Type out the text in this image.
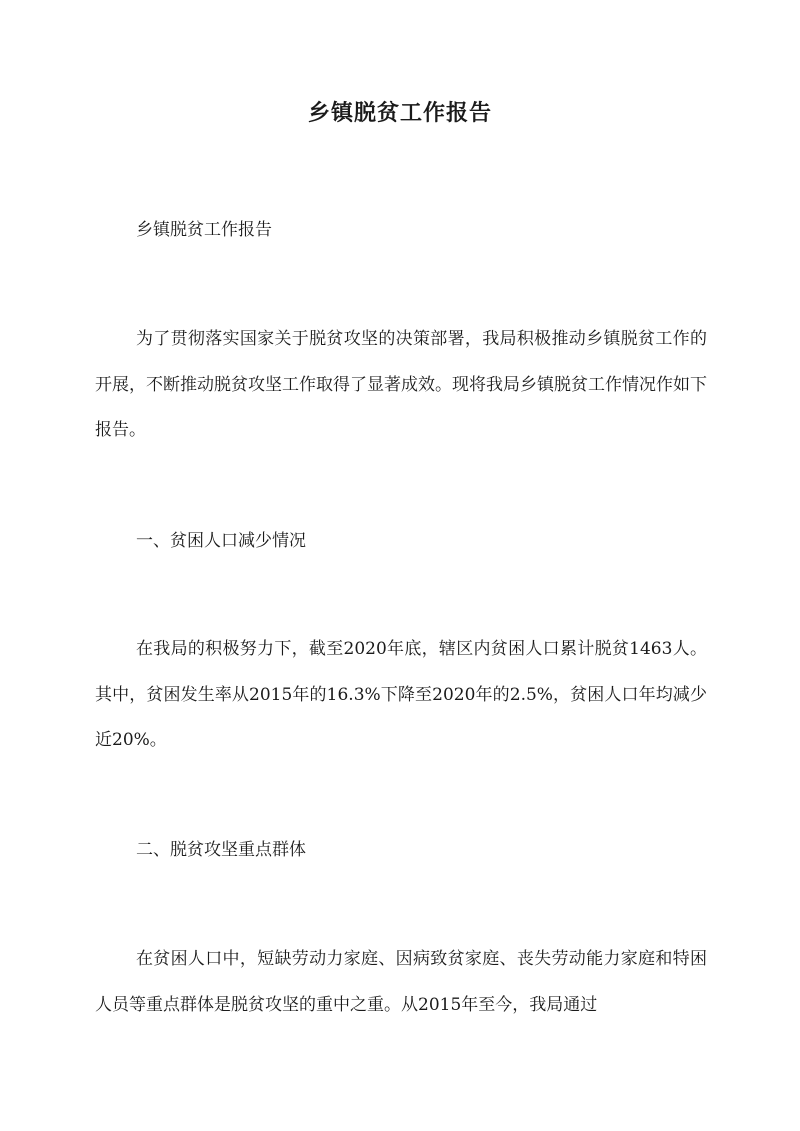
乡镇脱贫工作报告

乡镇脱贫工作报告

为了贯彻落实国家关于脱贫攻坚的决策部署，我局积极推动乡镇脱贫工作的开展，不断推动脱贫攻坚工作取得了显著成效。现将我局乡镇脱贫工作情况作如下报告。

一、贫困人口减少情况

在我局的积极努力下，截至2020年底，辖区内贫困人口累计脱贫1463人。其中，贫困发生率从2015年的16.3%下降至2020年的2.5%，贫困人口年均减少近20%。

二、脱贫攻坚重点群体

在贫困人口中，短缺劳动力家庭、因病致贫家庭、丧失劳动能力家庭和特困人员等重点群体是脱贫攻坚的重中之重。从2015年至今，我局通过
